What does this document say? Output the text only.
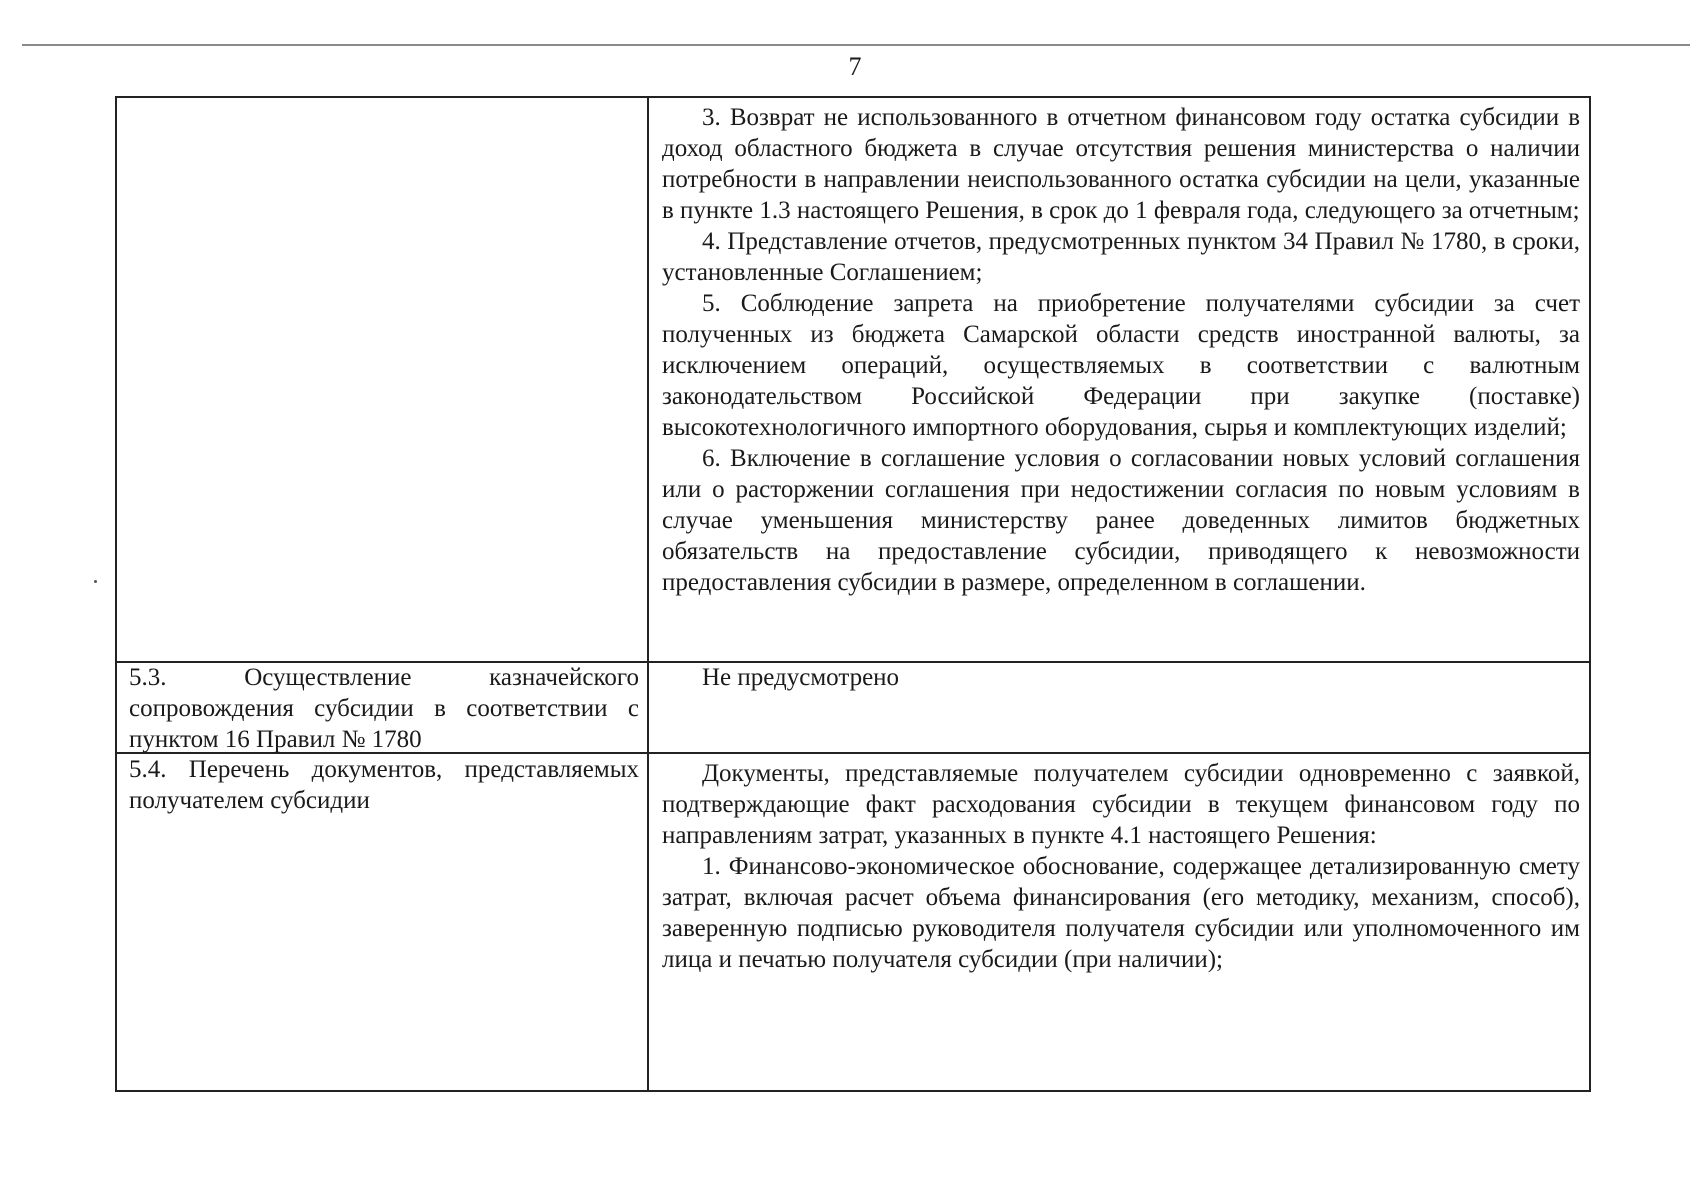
7

3. Возврат не использованного в отчетном финансовом году остатка субсидии в доход областного бюджета в случае отсутствия решения министерства о наличии потребности в направлении неиспользованного остатка субсидии на цели, указанные в пункте 1.3 настоящего Решения, в срок до 1 февраля года, следующего за отчетным;

4. Представление отчетов, предусмотренных пунктом 34 Правил № 1780, в сроки, установленные Соглашением;

5. Соблюдение запрета на приобретение получателями субсидии за счет полученных из бюджета Самарской области средств иностранной валюты, за исключением операций, осуществляемых в соответствии с валютным законодательством Российской Федерации при закупке (поставке) высокотехнологичного импортного оборудования, сырья и комплектующих изделий;

6. Включение в соглашение условия о согласовании новых условий соглашения или о расторжении соглашения при недостижении согласия по новым условиям в случае уменьшения министерству ранее доведенных лимитов бюджетных обязательств на предоставление субсидии, приводящего к невозможности предоставления субсидии в размере, определенном в соглашении.

5.3. Осуществление казначейского сопровождения субсидии в соответствии с пунктом 16 Правил № 1780

Не предусмотрено

5.4. Перечень документов, представляемых получателем субсидии

Документы, представляемые получателем субсидии одновременно с заявкой, подтверждающие факт расходования субсидии в текущем финансовом году по направлениям затрат, указанных в пункте 4.1 настоящего Решения:

1. Финансово-экономическое обоснование, содержащее детализированную смету затрат, включая расчет объема финансирования (его методику, механизм, способ), заверенную подписью руководителя получателя субсидии или уполномоченного им лица и печатью получателя субсидии (при наличии);
